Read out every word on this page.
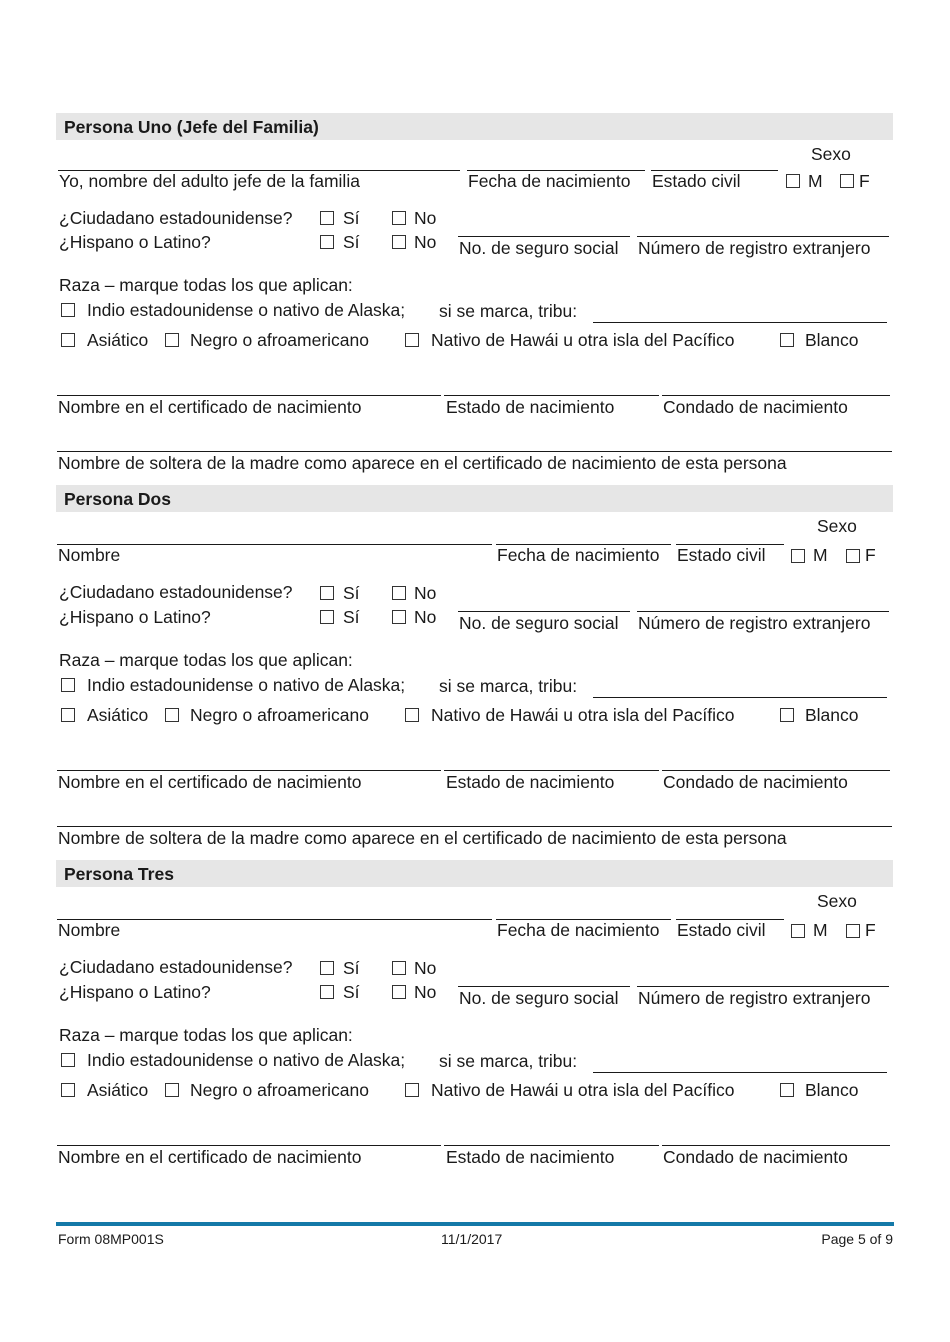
Persona Uno (Jefe del Familia)
Sexo
Yo, nombre del adulto jefe de la familia	Fecha de nacimiento Estado civil	M F
¿Ciudadano estadounidense?	Sí	No
¿Hispano o Latino?	Sí	No No. de seguro social Número de registro extranjero
Raza – marque todas los que aplican:
Indio estadounidense o nativo de Alaska; si se marca, tribu:
Asiático Negro o afroamericano	Nativo de Hawái u otra isla del Pacífico	Blanco
Nombre en el certificado de nacimiento	Estado de nacimiento	Condado de nacimiento
Nombre de soltera de la madre como aparece en el certificado de nacimiento de esta persona
Persona Dos
Sexo
Nombre	Fecha de nacimiento Estado civil	M F
¿Ciudadano estadounidense?	Sí	No
¿Hispano o Latino?	Sí	No No. de seguro social Número de registro extranjero
Raza – marque todas los que aplican:
Indio estadounidense o nativo de Alaska; si se marca, tribu:
Asiático Negro o afroamericano	Nativo de Hawái u otra isla del Pacífico	Blanco
Nombre en el certificado de nacimiento	Estado de nacimiento	Condado de nacimiento
Nombre de soltera de la madre como aparece en el certificado de nacimiento de esta persona
Persona Tres
Sexo
Nombre	Fecha de nacimiento Estado civil	M F
¿Ciudadano estadounidense?	Sí	No
¿Hispano o Latino?	Sí	No No. de seguro social Número de registro extranjero
Raza – marque todas los que aplican:
Indio estadounidense o nativo de Alaska; si se marca, tribu:
Asiático Negro o afroamericano	Nativo de Hawái u otra isla del Pacífico	Blanco
Nombre en el certificado de nacimiento	Estado de nacimiento	Condado de nacimiento
Form 08MP001S	11/1/2017	Page 5 of 9
